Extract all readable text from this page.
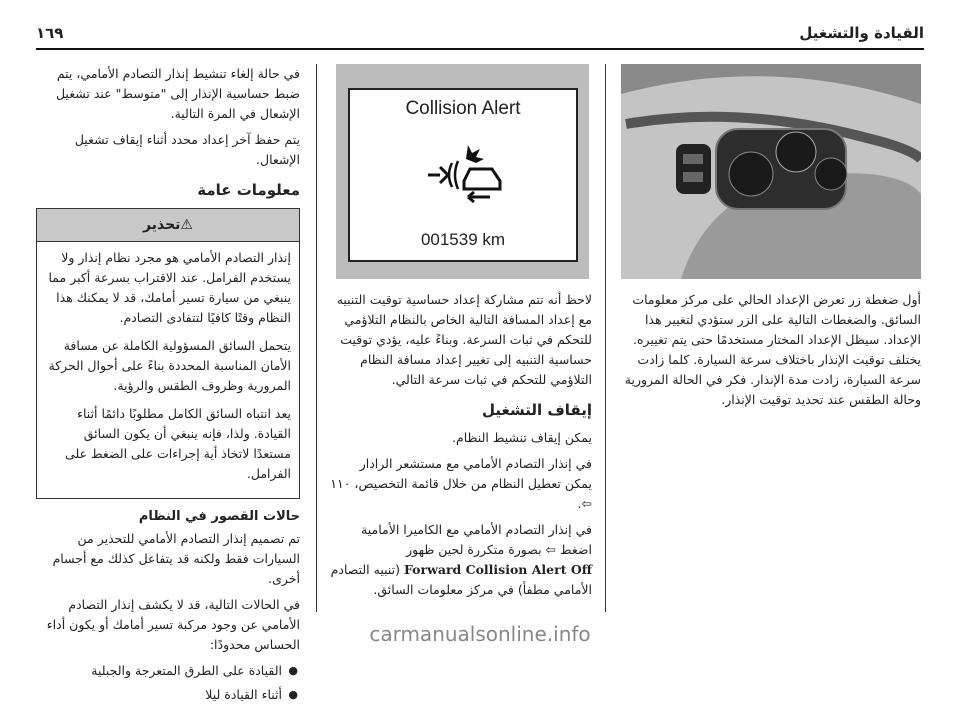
القيادة والتشغيل
١٦٩

أول ضغطة زر تعرض الإعداد الحالي على مركز معلومات السائق. والضغطات التالية على الزر ستؤدي لتغيير هذا الإعداد. سيظل الإعداد المختار مستخدمًا حتى يتم تغييره. يختلف توقيت الإنذار باختلاف سرعة السيارة. كلما زادت سرعة السيارة، زادت مدة الإنذار. فكر في الحالة المرورية وحالة الطقس عند تحديد توقيت الإنذار.

Collision Alert
001539 km

لاحظ أنه تتم مشاركة إعداد حساسية توقيت التنبيه مع إعداد المسافة التالية الخاص بالنظام التلاؤمي للتحكم في ثبات السرعة. وبناءً عليه، يؤدي توقيت حساسية التنبيه إلى تغيير إعداد مسافة النظام التلاؤمي للتحكم في ثبات سرعة التالي.

إيقاف التشغيل

يمكن إيقاف تنشيط النظام.

في إنذار التصادم الأمامي مع مستشعر الرادار يمكن تعطيل النظام من خلال قائمة التخصيص، ١١٠ ⇦.

في إنذار التصادم الأمامي مع الكاميرا الأمامية اضغط ⇦ بصورة متكررة لحين ظهور

Forward Collision Alert Off (تنبيه التصادم الأمامي مطفأ) في مركز معلومات السائق.

في حالة إلغاء تنشيط إنذار التصادم الأمامي، يتم ضبط حساسية الإنذار إلى "متوسط" عند تشغيل الإشعال في المرة التالية.

يتم حفظ آخر إعداد محدد أثناء إيقاف تشغيل الإشعال.

معلومات عامة
⚠تحذير

إنذار التصادم الأمامي هو مجرد نظام إنذار ولا يستخدم الفرامل. عند الاقتراب بسرعة أكبر مما ينبغي من سيارة تسير أمامك، قد لا يمكنك هذا النظام وقتًا كافيًا لتتفادى التصادم.

يتحمل السائق المسؤولية الكاملة عن مسافة الأمان المناسبة المحددة بناءً على أحوال الحركة المرورية وظروف الطقس والرؤية.

يعد انتباه السائق الكامل مطلوبًا دائمًا أثناء القيادة. ولذا، فإنه ينبغي أن يكون السائق مستعدًا لاتخاذ أية إجراءات على الضغط على الفرامل.

حالات القصور في النظام

تم تصميم إنذار التصادم الأمامي للتحذير من السيارات فقط ولكنه قد يتفاعل كذلك مع أجسام أخرى.

في الحالات التالية، قد لا يكشف إنذار التصادم الأمامي عن وجود مركبة تسير أمامك أو يكون أداء الحساس محدودًا:

● القيادة على الطرق المتعرجة والجبلية
● أثناء القيادة ليلا
carmanualsonline.info
